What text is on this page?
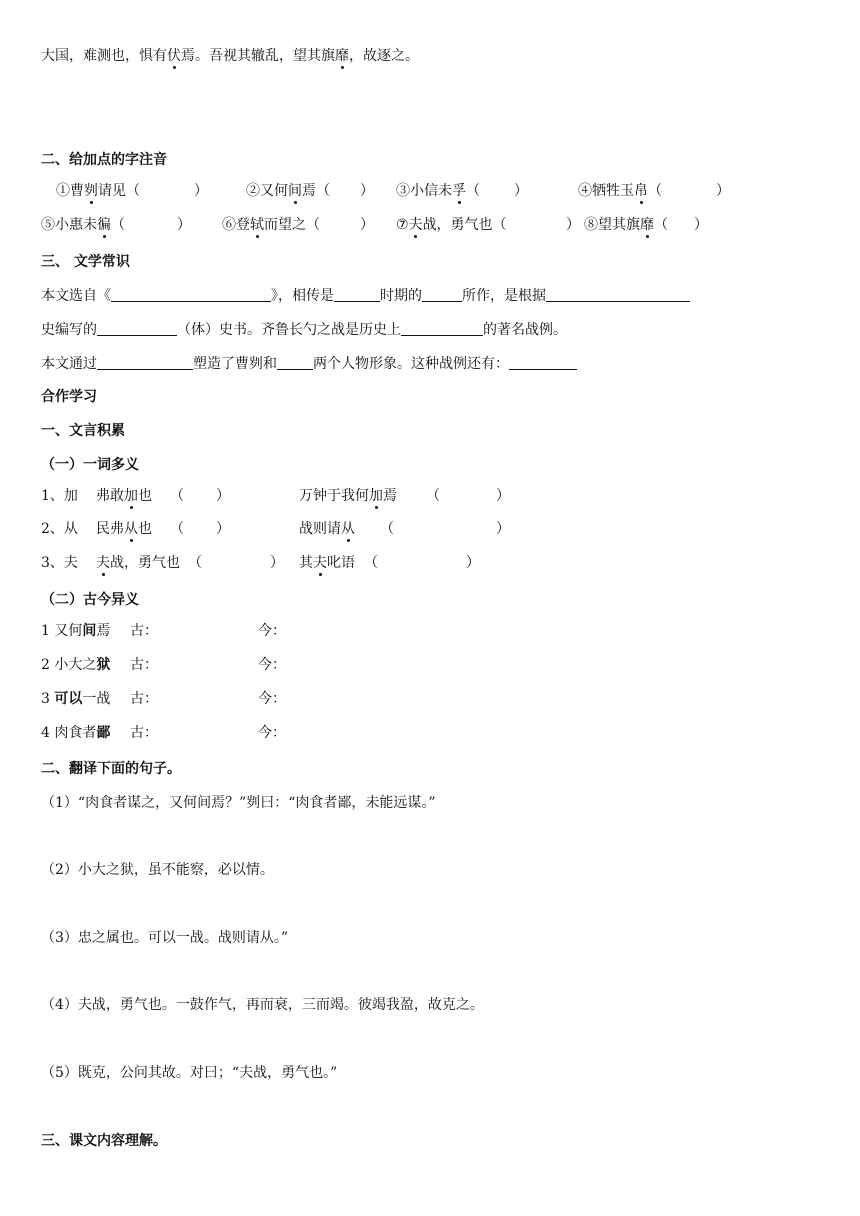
大国，难测也，惧有伏焉。吾视其辙乱，望其旗靡，故逐之。
二、给加点的字注音
①曹刿请见（	）	②又何间焉（ ） ③小信未孚（ ）	④牺牲玉帛（	）
⑤小惠未徧（	） ⑥登轼而望之（	） ⑦夫战，勇气也（	） ⑧望其旗靡（ ）
三、 文学常识
本文选自《	》，相传是	时期的	所作，是根据
史编写的	（体）史书。齐鲁长勺之战是历史上	的著名战例。
本文通过	塑造了曹刿和	两个人物形象。这种战例还有：
合作学习
一、文言积累
（一）一词多义
1、加 弗敢加也 （ ）	万钟于我何加焉 （	）
2、从 民弗从也 （ ）	战则请从 （	）
3、夫 夫战，勇气也 （	） 其夫叱语 （	）
（二）古今异义
1 又何间焉 古：	今：
2 小大之狱 古：	今：
3 可以一战 古：	今：
4 肉食者鄙 古：	今：
二、翻译下面的句子。
（1）“肉食者谋之，又何间焉？”刿曰：“肉食者鄙，未能远谋。”
（2）小大之狱，虽不能察，必以情。
（3）忠之属也。可以一战。战则请从。”
（4）夫战，勇气也。一鼓作气，再而衰，三而竭。彼竭我盈，故克之。
（5）既克，公问其故。对曰；“夫战，勇气也。”
三、课文内容理解。
